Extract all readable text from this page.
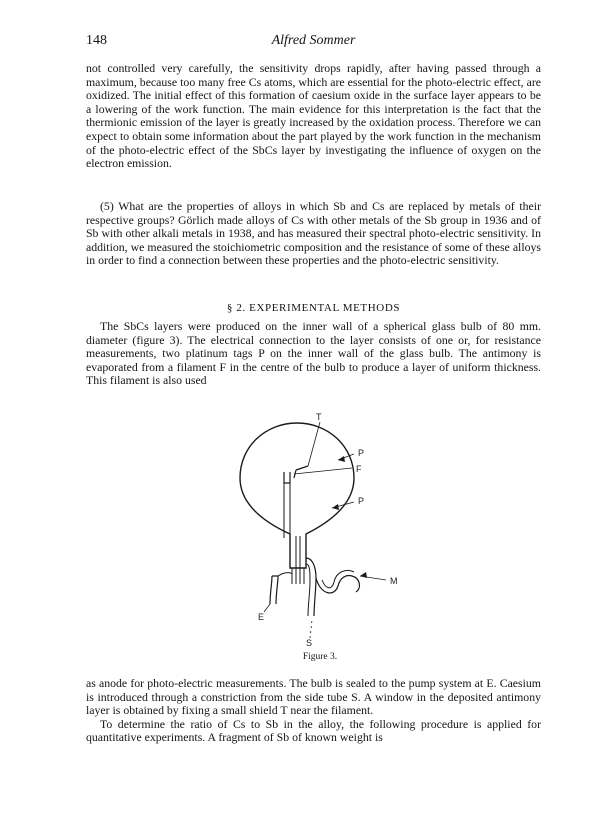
148	Alfred Sommer

not controlled very carefully, the sensitivity drops rapidly, after having passed through a maximum, because too many free Cs atoms, which are essential for the photo-electric effect, are oxidized. The initial effect of this formation of caesium oxide in the surface layer appears to be a lowering of the work function. The main evidence for this interpretation is the fact that the thermionic emission of the layer is greatly increased by the oxidation process. Therefore we can expect to obtain some information about the part played by the work function in the mechanism of the photo-electric effect of the SbCs layer by investigating the influence of oxygen on the electron emission.

(5) What are the properties of alloys in which Sb and Cs are replaced by metals of their respective groups? Görlich made alloys of Cs with other metals of the Sb group in 1936 and of Sb with other alkali metals in 1938, and has measured their spectral photo-electric sensitivity. In addition, we measured the stoichiometric composition and the resistance of some of these alloys in order to find a connection between these properties and the photo-electric sensitivity.

§ 2. EXPERIMENTAL METHODS

The SbCs layers were produced on the inner wall of a spherical glass bulb of 80 mm. diameter (figure 3). The electrical connection to the layer consists of one or, for resistance measurements, two platinum tags P on the inner wall of the glass bulb. The antimony is evaporated from a filament F in the centre of the bulb to produce a layer of uniform thickness. This filament is also used

T
P
F
P
M
E
S
Figure 3.

as anode for photo-electric measurements. The bulb is sealed to the pump system at E. Caesium is introduced through a constriction from the side tube S. A window in the deposited antimony layer is obtained by fixing a small shield T near the filament.

To determine the ratio of Cs to Sb in the alloy, the following procedure is applied for quantitative experiments. A fragment of Sb of known weight is
